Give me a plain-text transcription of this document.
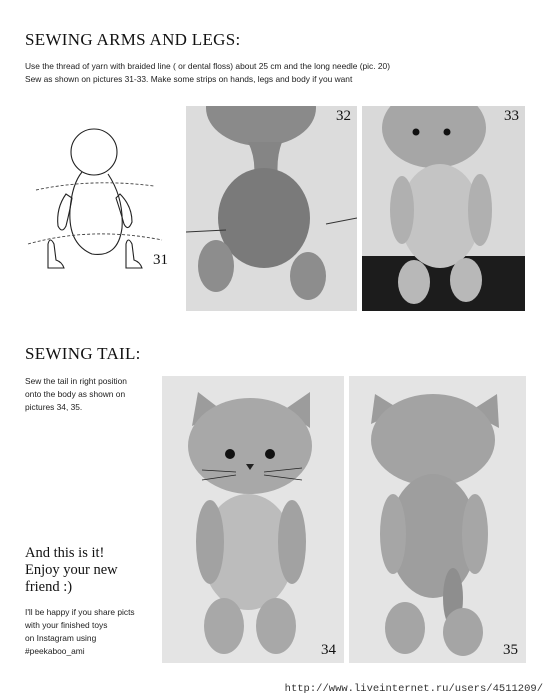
SEWING ARMS AND LEGS:
Use the thread of yarn with braided line ( or dental floss) about 25 cm and the long needle (pic. 20)
Sew as shown on pictures 31-33. Make some strips on hands, legs and body if you want
31
32	33
SEWING TAIL:
Sew the tail in right position
onto the body as shown on
pictures 34, 35.
And this is it!
Enjoy your new
friend :)
I'll be happy if you share picts
with your finished toys
on Instagram using
#peekaboo_ami	34	35
http://www.liveinternet.ru/users/4511209/
